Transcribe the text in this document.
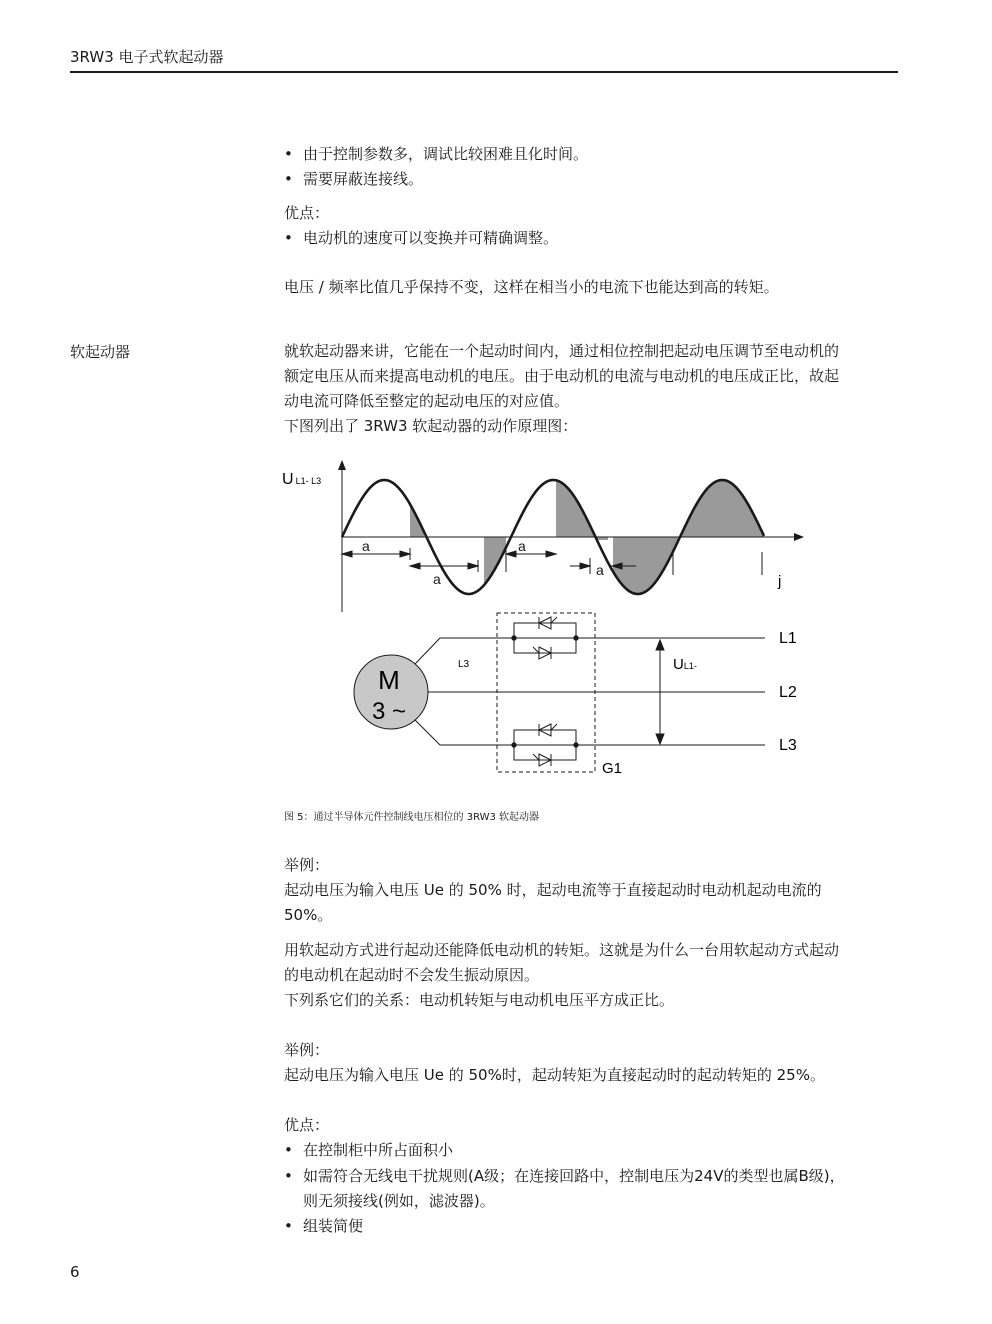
3RW3 电子式软起动器
• 由于控制参数多，调试比较困难且化时间。
• 需要屏蔽连接线。
优点：
• 电动机的速度可以变换并可精确调整。
电压 / 频率比值几乎保持不变，这样在相当小的电流下也能达到高的转矩。
软起动器	就软起动器来讲，它能在一个起动时间内，通过相位控制把起动电压调节至电动机的
额定电压从而来提高电动机的电压。由于电动机的电流与电动机的电压成正比，故起
动电流可降低至整定的起动电压的对应值。
下图列出了 3RW3 软起动器的动作原理图：
U L1- L3
j
a
a
a
a
UL1-
M
3 ~
L3
L1
L2
L3
G1
图 5：通过半导体元件控制线电压相位的 3RW3 软起动器
举例：
起动电压为输入电压 Ue 的 50% 时，起动电流等于直接起动时电动机起动电流的
50%。
用软起动方式进行起动还能降低电动机的转矩。这就是为什么一台用软起动方式起动
的电动机在起动时不会发生振动原因。
下列系它们的关系：电动机转矩与电动机电压平方成正比。
举例：
起动电压为输入电压 Ue 的 50%时，起动转矩为直接起动时的起动转矩的 25%。
优点：
• 在控制柜中所占面积小
• 如需符合无线电干扰规则(A级；在连接回路中，控制电压为24V的类型也属B级)，
则无须接线(例如，滤波器)。
• 组装简便
6
